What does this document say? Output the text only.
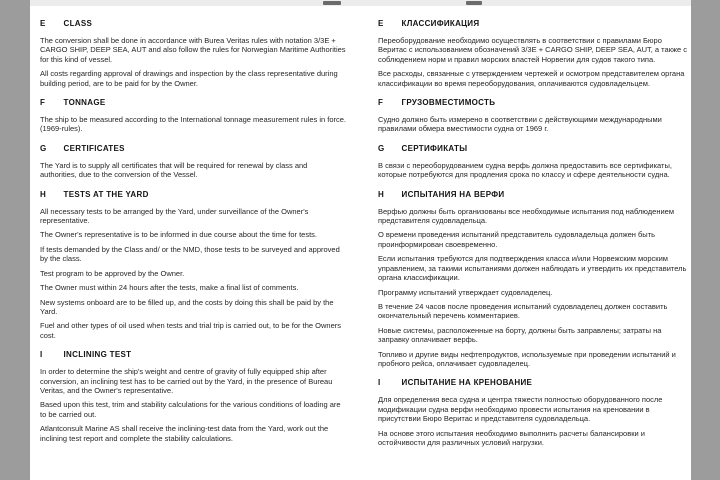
E CLASS

The conversion shall be done in accordance with Burea Veritas rules with notation 3/3E + CARGO SHIP, DEEP SEA, AUT and also follow the rules for Norwegian Maritime Authorities for this kind of vessel.

All costs regarding approval of drawings and inspection by the class representative during building period, are to be paid for by the Owner.

F TONNAGE

The ship to be measured according to the International tonnage measurement rules in force.(1969-rules).

G CERTIFICATES

The Yard is to supply all certificates that will be required for renewal by class and authorities, due to the conversion of the Vessel.

H TESTS AT THE YARD

All necessary tests to be arranged by the Yard, under surveillance of the Owner's representative.

The Owner's representative is to be informed in due course about the time for tests.

If tests demanded by the Class and/ or the NMD, those tests to be surveyed and approved by the class.

Test program to be approved by the Owner.

The Owner must within 24 hours after the tests, make a final list of comments.

New systems onboard are to be filled up, and the costs by doing this shall be paid by the Yard.

Fuel and other types of oil used when tests and trial trip is carried out, to be for the Owners cost.

I	INCLINING TEST

In order to determine the ship's weight and centre of gravity of fully equipped ship after conversion, an inclining test has to be carried out by the Yard, in the presence of Bureau Veritas, and the Owner's representative.

Based upon this test, trim and stability calculations for the various conditions of loading are to be carried out.

Atlantconsult Marine AS shall receive the inclining-test data from the Yard, work out the inclining test report and complete the stability calculations.

E КЛАССИФИКАЦИЯ

Переоборудование необходимо осуществлять в соответствии с правилами Бюро Веритас с использованием обозначений 3/3E + CARGO SHIP, DEEP SEA, AUT, а также с соблюдением норм и правил морских властей Норвегии для судов такого типа.

Все расходы, связанные с утверждением чертежей и осмотром представителем органа классификации во время переоборудования, оплачиваются судовладельцем.

F ГРУЗОВМЕСТИМОСТЬ

Судно должно быть измерено в соответствии с действующими международными правилами обмера вместимости судна от 1969 г.

G СЕРТИФИКАТЫ

В связи с переоборудованием судна верфь должна предоставить все сертификаты, которые потребуются для продления срока по классу и сфере деятельности судна.

H ИСПЫТАНИЯ НА ВЕРФИ

Верфью должны быть организованы все необходимые испытания под наблюдением представителя судовладельца.

О времени проведения испытаний представитель судовладельца должен быть проинформирован своевременно.

Если испытания требуются для подтверждения класса и/или Норвежским морским управлением, за такими испытаниями должен наблюдать и утвердить их представитель органа классификации.

Программу испытаний утверждает судовладелец.

В течение 24 часов после проведения испытаний судовладелец должен составить окончательный перечень комментариев.

Новые системы, расположенные на борту, должны быть заправлены; затраты на заправку оплачивает верфь.

Топливо и другие виды нефтепродуктов, используемые при проведении испытаний и пробного рейса, оплачивает судовладелец.

I	ИСПЫТАНИЕ НА КРЕНОВАНИЕ

Для определения веса судна и центра тяжести полностью оборудованного после модификации судна верфи необходимо провести испытания на креновании в присутствии Бюро Веритас и представителя судовладельца.

На основе этого испытания необходимо выполнить расчеты балансировки и остойчивости для различных условий нагрузки.
